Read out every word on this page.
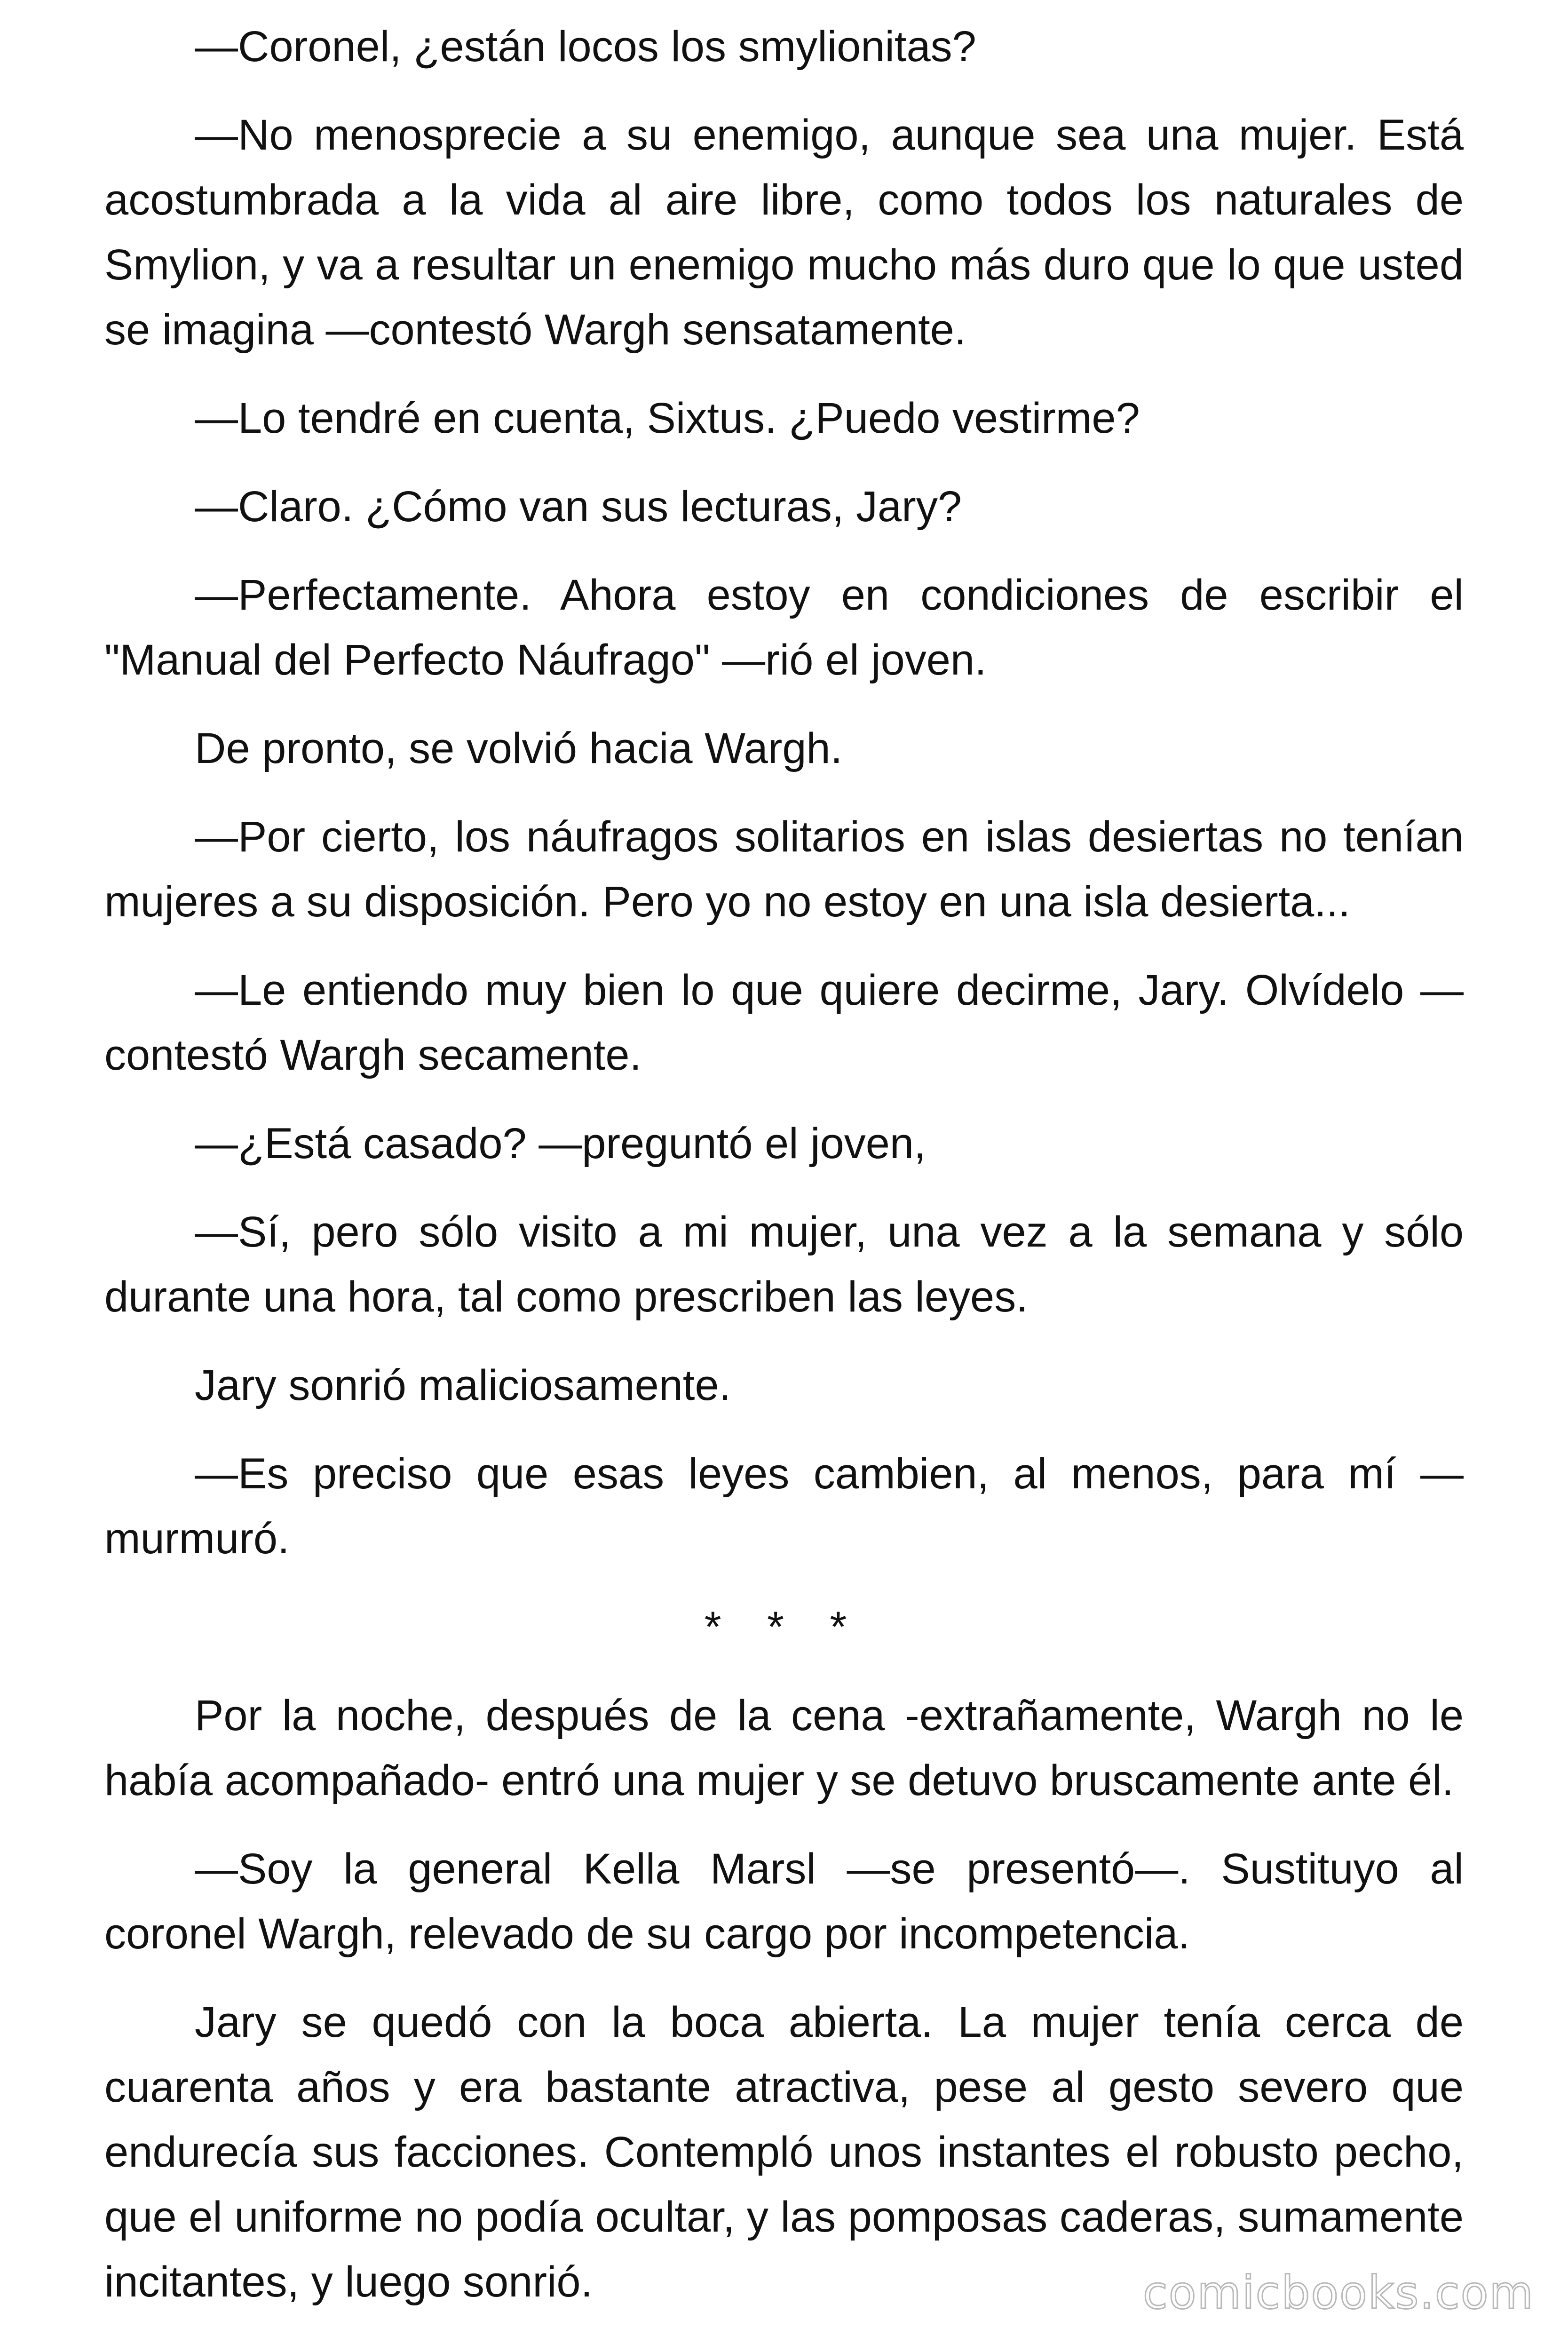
—Coronel, ¿están locos los smylionitas?

—No menosprecie a su enemigo, aunque sea una mujer. Está acostumbrada a la vida al aire libre, como todos los naturales de Smylion, y va a resultar un enemigo mucho más duro que lo que usted se imagina —contestó Wargh sensatamente.

—Lo tendré en cuenta, Sixtus. ¿Puedo vestirme?

—Claro. ¿Cómo van sus lecturas, Jary?

—Perfectamente. Ahora estoy en condiciones de escribir el "Manual del Perfecto Náufrago" —rió el joven.

De pronto, se volvió hacia Wargh.

—Por cierto, los náufragos solitarios en islas desiertas no tenían mujeres a su disposición. Pero yo no estoy en una isla desierta...

—Le entiendo muy bien lo que quiere decirme, Jary. Olvídelo —contestó Wargh secamente.

—¿Está casado? —preguntó el joven,

—Sí, pero sólo visito a mi mujer, una vez a la semana y sólo durante una hora, tal como prescriben las leyes.

Jary sonrió maliciosamente.

—Es preciso que esas leyes cambien, al menos, para mí —murmuró.

* * *

Por la noche, después de la cena -extrañamente, Wargh no le había acompañado- entró una mujer y se detuvo bruscamente ante él.

—Soy la general Kella Marsl —se presentó—. Sustituyo al coronel Wargh, relevado de su cargo por incompetencia.

Jary se quedó con la boca abierta. La mujer tenía cerca de cuarenta años y era bastante atractiva, pese al gesto severo que endurecía sus facciones. Contempló unos instantes el robusto pecho, que el uniforme no podía ocultar, y las pomposas caderas, sumamente incitantes, y luego sonrió.	comicbooks.com
